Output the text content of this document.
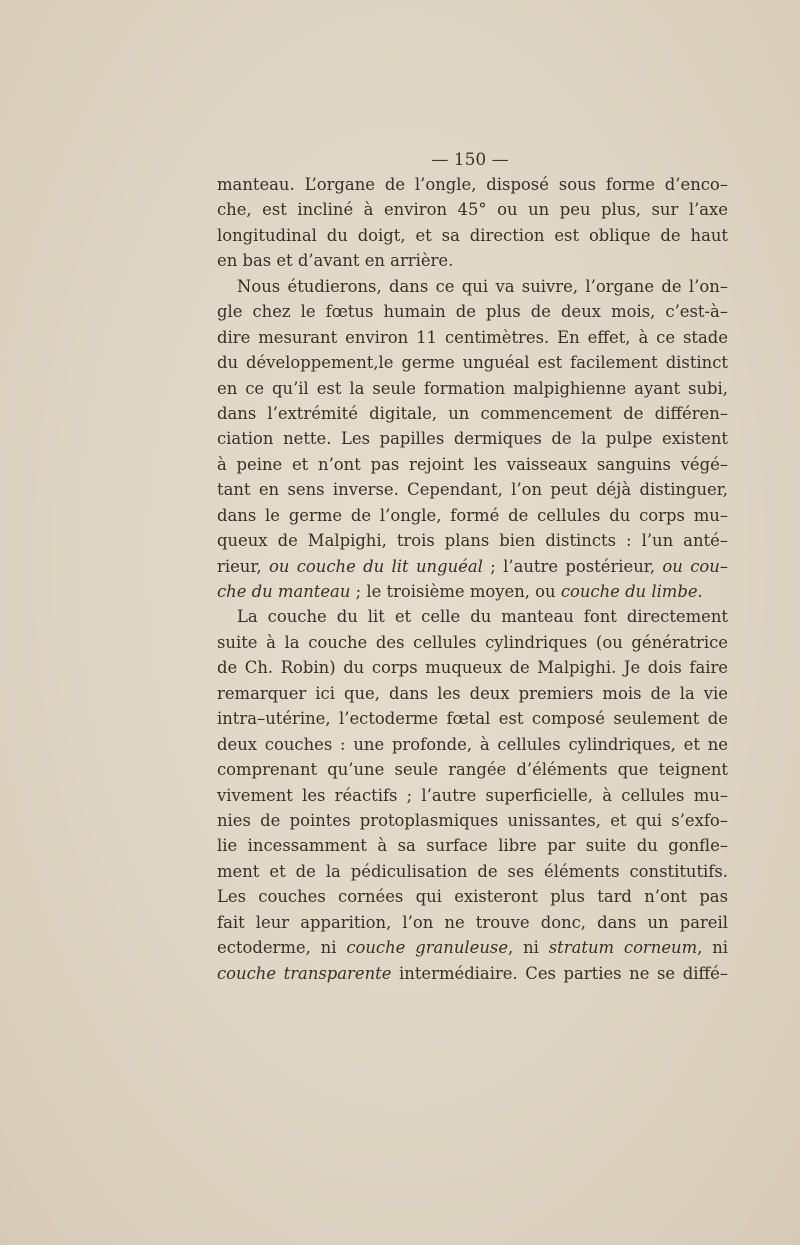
— 150 —
manteau. L’organe de l’ongle, disposé sous forme d’enco–
che, est incliné à environ 45° ou un peu plus, sur l’axe
longitudinal du doigt, et sa direction est oblique de haut
en bas et d’avant en arrière.
Nous étudierons, dans ce qui va suivre, l’organe de l’on–
gle chez le fœtus humain de plus de deux mois, c’est-à–
dire mesurant environ 11 centimètres. En effet, à ce stade
du développement,le germe unguéal est facilement distinct
en ce qu’il est la seule formation malpighienne ayant subi,
dans l’extrémité digitale, un commencement de différen–
ciation nette. Les papilles dermiques de la pulpe existent
à peine et n’ont pas rejoint les vaisseaux sanguins végé–
tant en sens inverse. Cependant, l’on peut déjà distinguer,
dans le germe de l’ongle, formé de cellules du corps mu–
queux de Malpighi, trois plans bien distincts : l’un anté–
rieur, ou couche du lit unguéal ; l’autre postérieur, ou cou–
che du manteau ; le troisième moyen, ou couche du limbe.
La couche du lit et celle du manteau font directement
suite à la couche des cellules cylindriques (ou génératrice
de Ch. Robin) du corps muqueux de Malpighi. Je dois faire
remarquer ici que, dans les deux premiers mois de la vie
intra–utérine, l’ectoderme fœtal est composé seulement de
deux couches : une profonde, à cellules cylindriques, et ne
comprenant qu’une seule rangée d’éléments que teignent
vivement les réactifs ; l’autre superficielle, à cellules mu–
nies de pointes protoplasmiques unissantes, et qui s’exfo–
lie incessamment à sa surface libre par suite du gonfle–
ment et de la pédiculisation de ses éléments constitutifs.
Les couches cornées qui existeront plus tard n’ont pas
fait leur apparition, l’on ne trouve donc, dans un pareil
ectoderme, ni couche granuleuse, ni stratum corneum, ni
couche transparente intermédiaire. Ces parties ne se diffé–
